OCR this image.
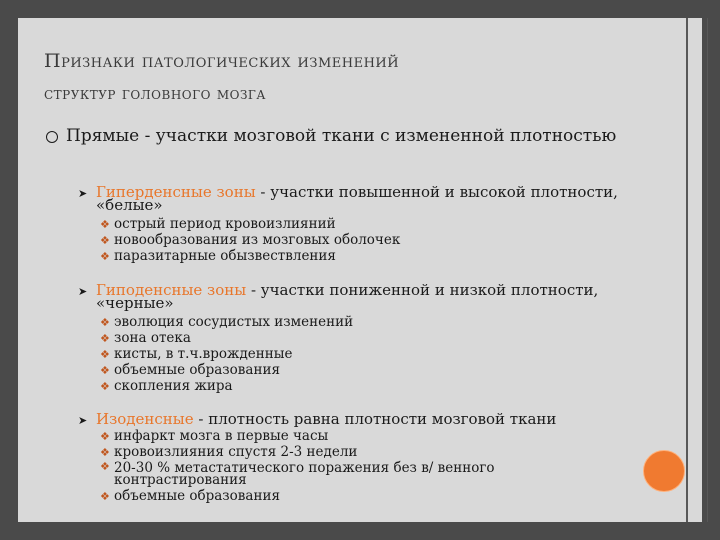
Признаки патологических изменений
структур головного мозга
Прямые - участки мозговой ткани с измененной плотностью
➤ Гиперденсные зоны - участки повышенной и высокой плотности, «белые»
❖ острый период кровоизлияний
❖ новообразования из мозговых оболочек
❖ паразитарные обызвествления
➤ Гиподенсные зоны - участки пониженной и низкой плотности, «черные»
❖ эволюция сосудистых изменений
❖ зона отека
❖ кисты, в т.ч.врожденные
❖ объемные образования
❖ скопления жира
➤ Изоденсные - плотность равна плотности мозговой ткани
❖ инфаркт мозга в первые часы
❖ кровоизлияния спустя 2-3 недели
❖ 20-30 % метастатического поражения без в/ венного контрастирования
❖ объемные образования
